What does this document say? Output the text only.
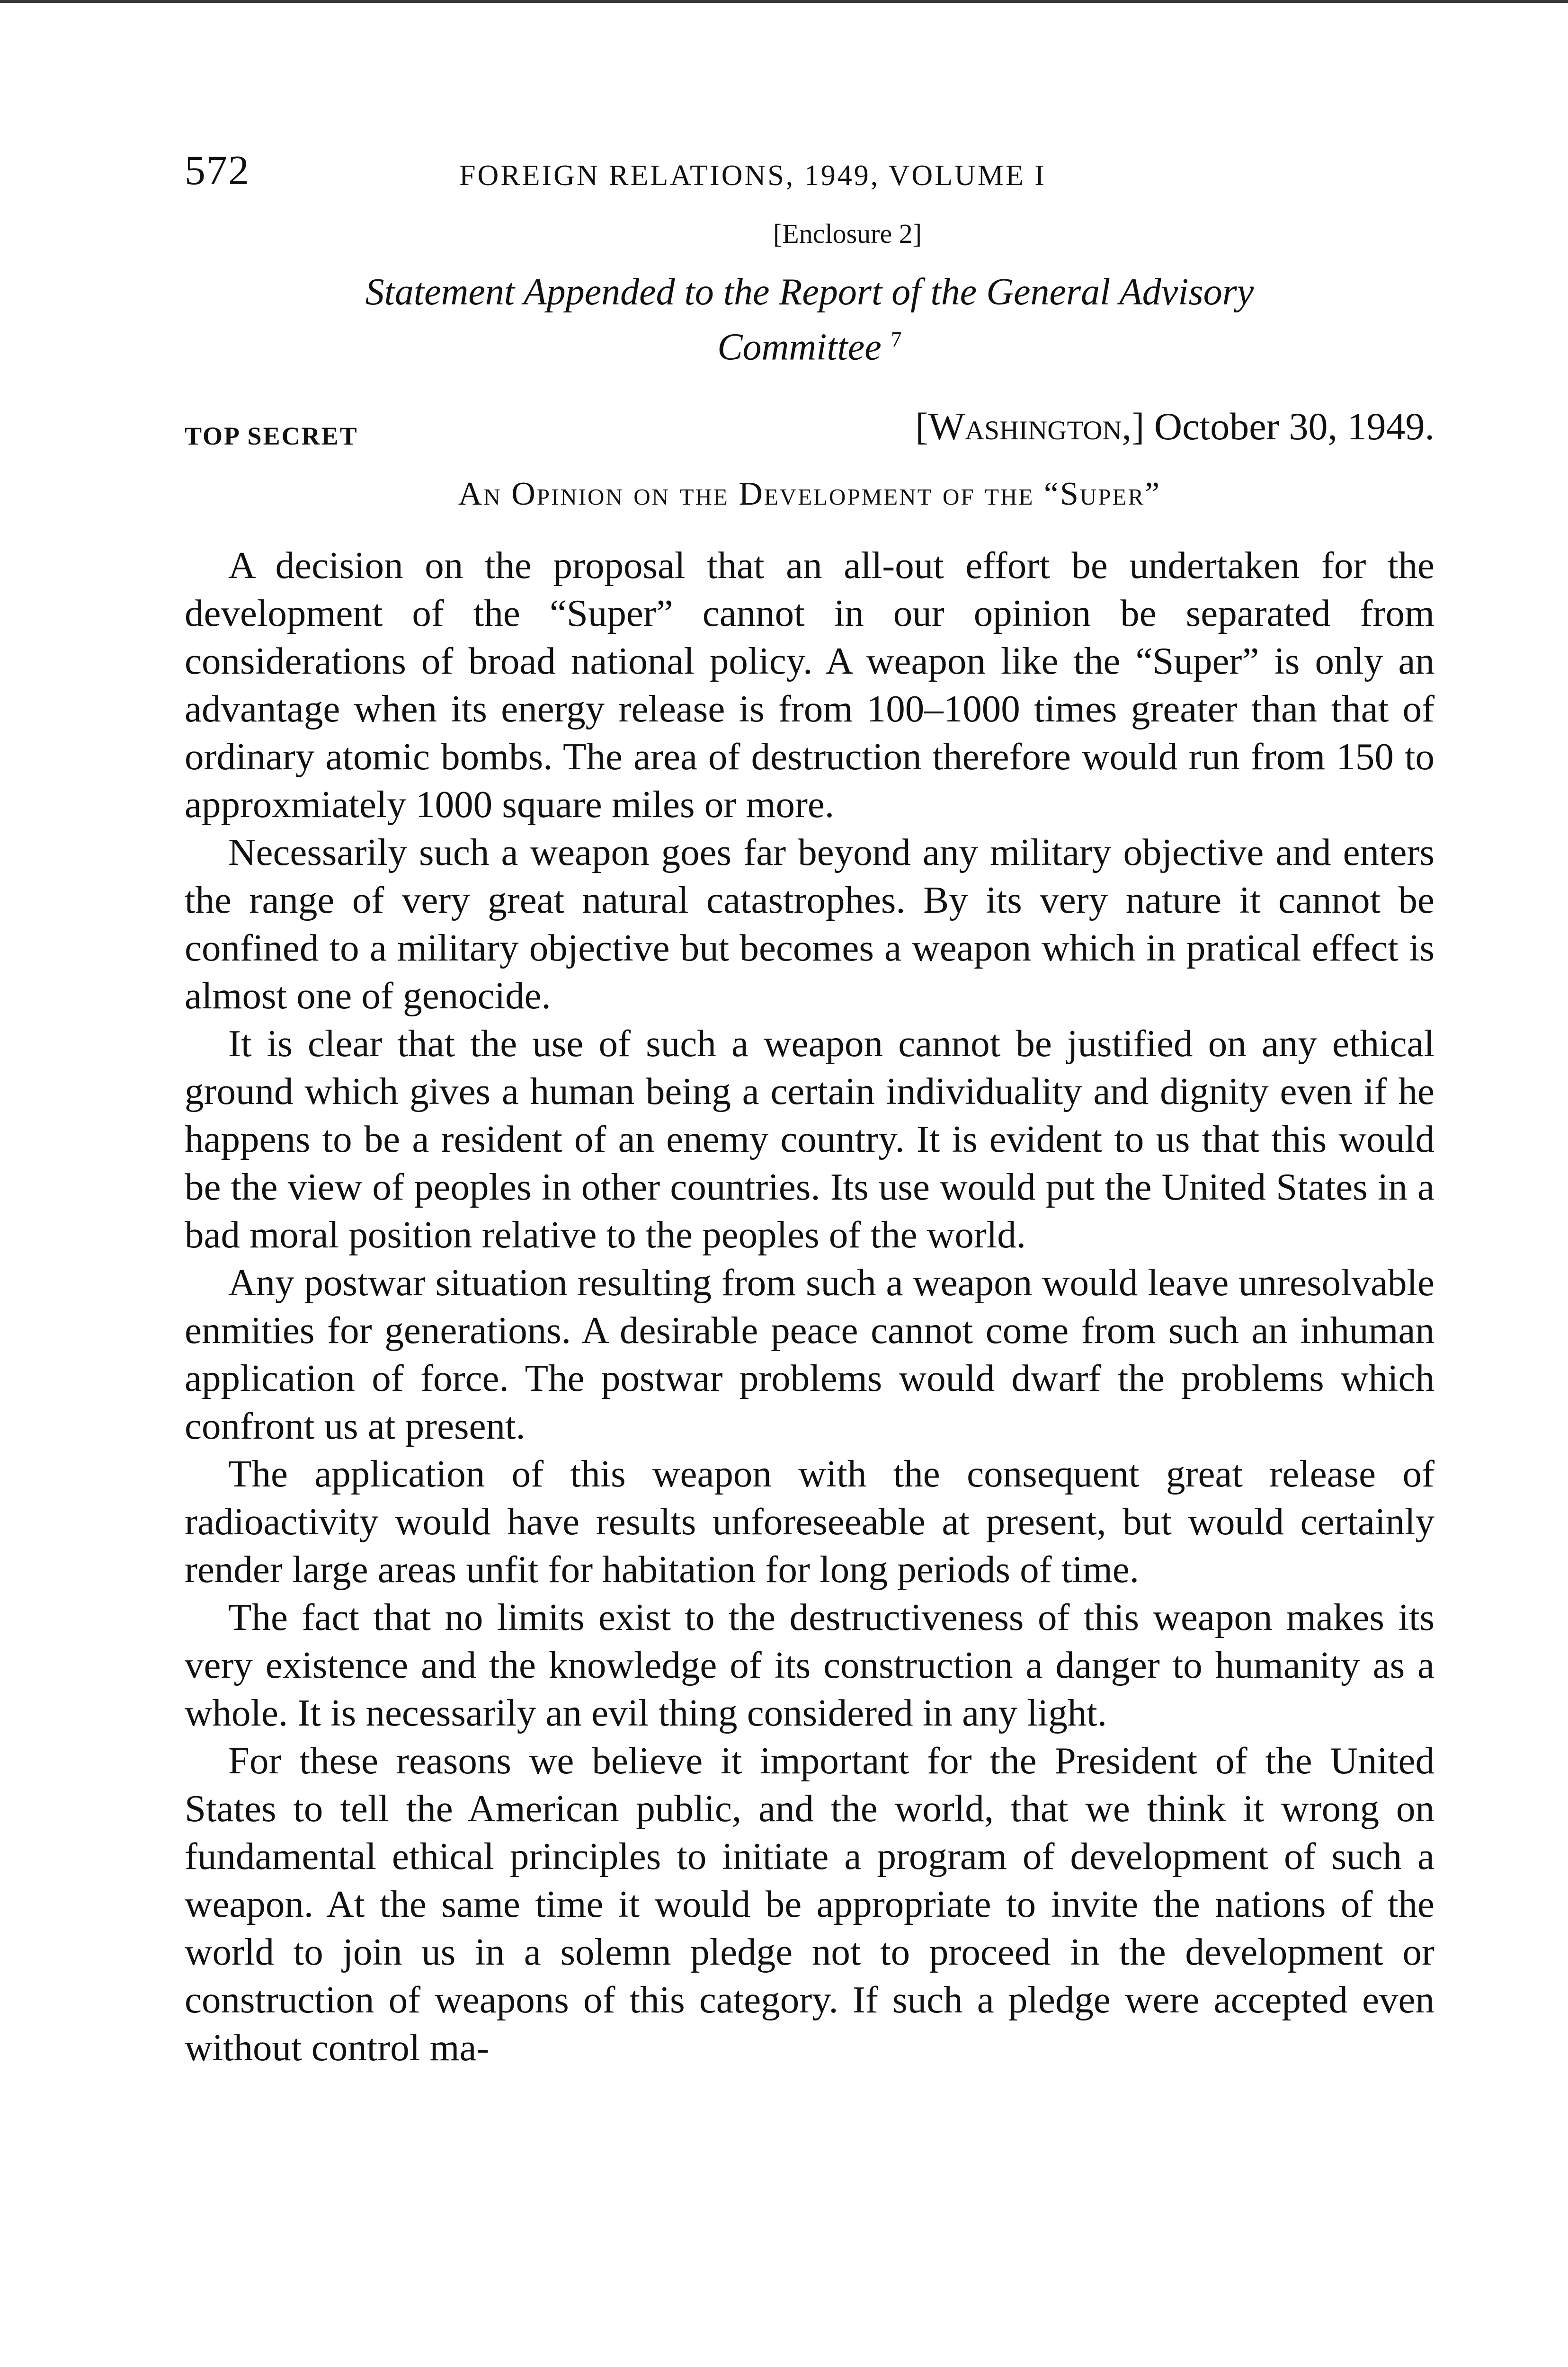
572	FOREIGN RELATIONS, 1949, VOLUME I
[Enclosure 2]
Statement Appended to the Report of the General Advisory
Committee $^7$
TOP SECRET	[Washington,] October 30, 1949.
An Opinion on the Development of the “Super”

A decision on the proposal that an all-out effort be undertaken for the development of the “Super” cannot in our opinion be separated from considerations of broad national policy. A weapon like the “Super” is only an advantage when its energy release is from 100–1000 times greater than that of ordinary atomic bombs. The area of destruction therefore would run from 150 to approxmiately 1000 square miles or more.

Necessarily such a weapon goes far beyond any military objective and enters the range of very great natural catastrophes. By its very nature it cannot be confined to a military objective but becomes a weapon which in pratical effect is almost one of genocide.

It is clear that the use of such a weapon cannot be justified on any ethical ground which gives a human being a certain individuality and dignity even if he happens to be a resident of an enemy country. It is evident to us that this would be the view of peoples in other countries. Its use would put the United States in a bad moral position relative to the peoples of the world.

Any postwar situation resulting from such a weapon would leave unresolvable enmities for generations. A desirable peace cannot come from such an inhuman application of force. The postwar problems would dwarf the problems which confront us at present.

The application of this weapon with the consequent great release of radioactivity would have results unforeseeable at present, but would certainly render large areas unfit for habitation for long periods of time.

The fact that no limits exist to the destructiveness of this weapon makes its very existence and the knowledge of its construction a danger to humanity as a whole. It is necessarily an evil thing considered in any light.

For these reasons we believe it important for the President of the United States to tell the American public, and the world, that we think it wrong on fundamental ethical principles to initiate a program of development of such a weapon. At the same time it would be appropriate to invite the nations of the world to join us in a solemn pledge not to proceed in the development or construction of weapons of this category. If such a pledge were accepted even without control ma-
